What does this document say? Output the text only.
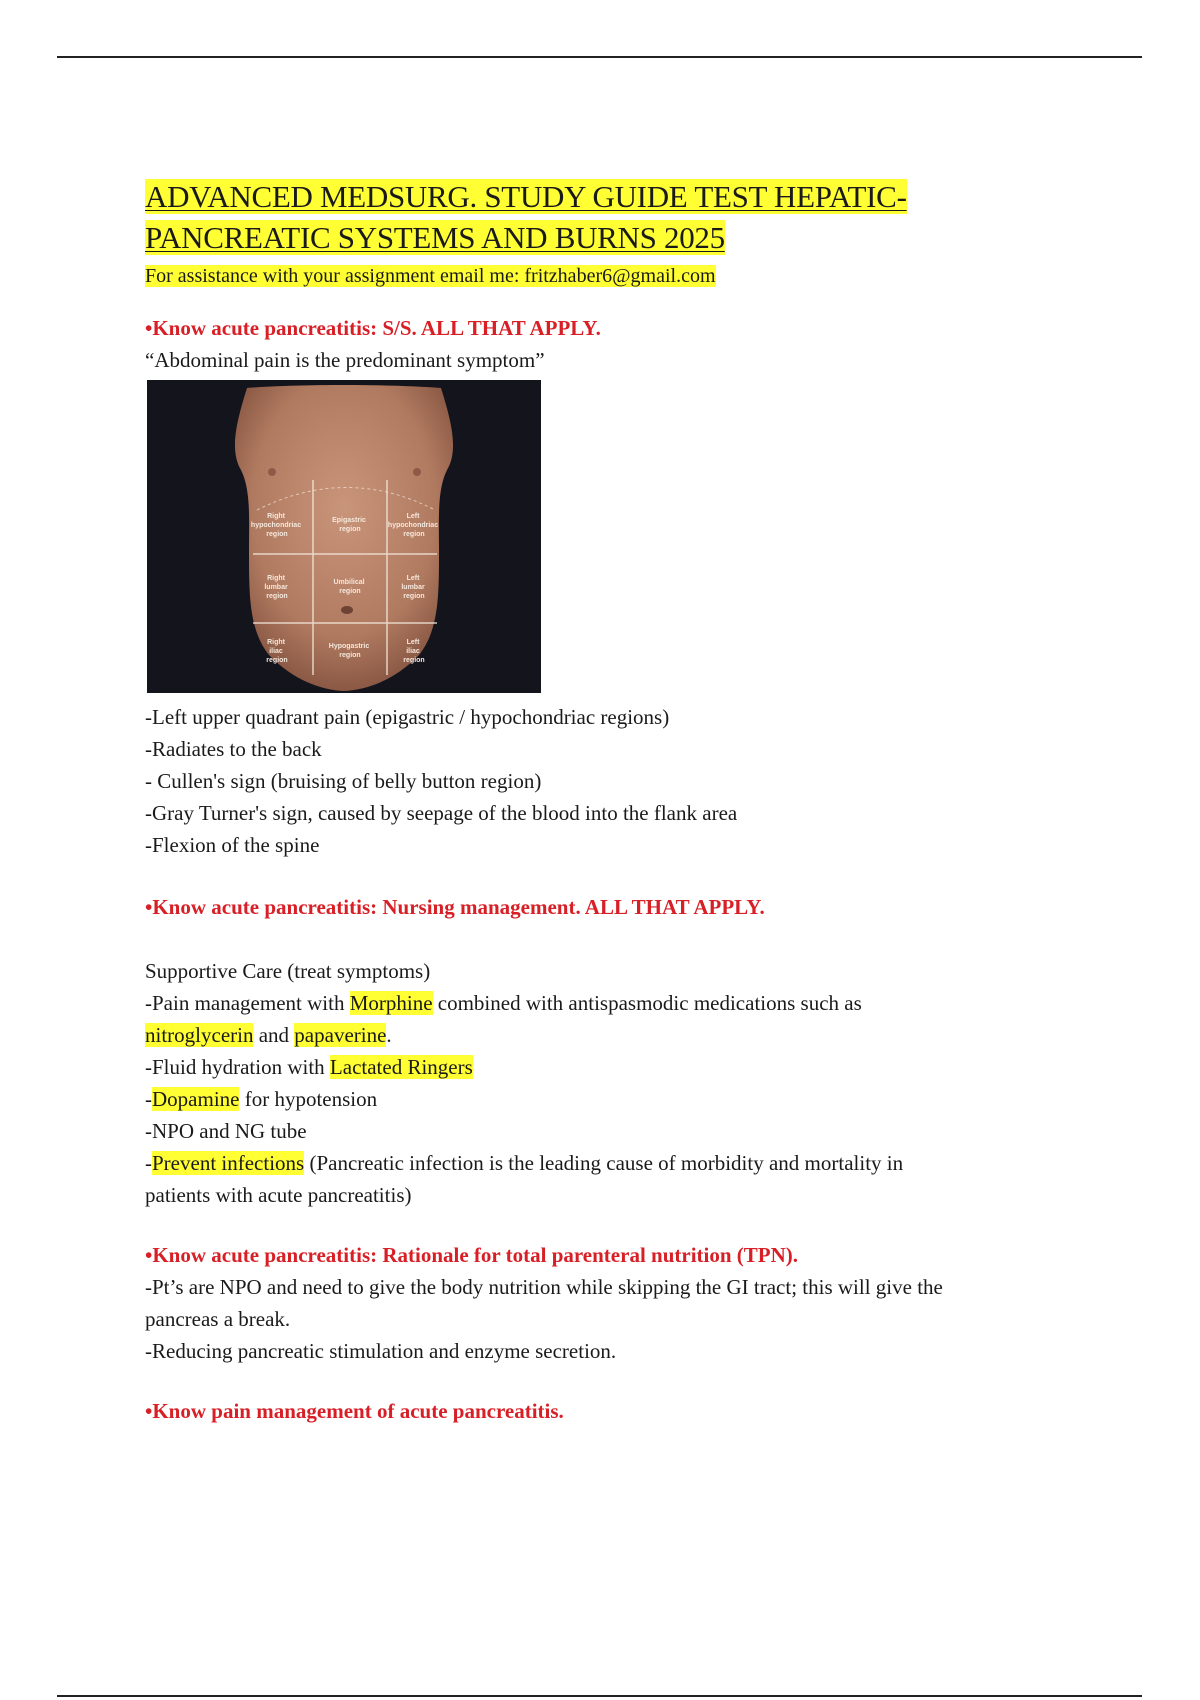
ADVANCED MEDSURG. STUDY GUIDE TEST HEPATIC-
PANCREATIC SYSTEMS AND BURNS 2025
For assistance with your assignment email me: fritzhaber6@gmail.com

•Know acute pancreatitis: S/S. ALL THAT APPLY.

“Abdominal pain is the predominant symptom”

Right hypochondriac region
Epigastric region
Left hypochondriac region
Right lumbar region
Umbilical region
Left lumbar region
Right iliac region
Hypogastric region
Left iliac region

-Left upper quadrant pain (epigastric / hypochondriac regions)

-Radiates to the back

- Cullen's sign (bruising of belly button region)

-Gray Turner's sign, caused by seepage of the blood into the flank area

-Flexion of the spine

•Know acute pancreatitis: Nursing management. ALL THAT APPLY.

Supportive Care (treat symptoms)

-Pain management with Morphine combined with antispasmodic medications such as

nitroglycerin and papaverine.

-Fluid hydration with Lactated Ringers

-Dopamine for hypotension

-NPO and NG tube

-Prevent infections (Pancreatic infection is the leading cause of morbidity and mortality in

patients with acute pancreatitis)

•Know acute pancreatitis: Rationale for total parenteral nutrition (TPN).

-Pt’s are NPO and need to give the body nutrition while skipping the GI tract; this will give the

pancreas a break.

-Reducing pancreatic stimulation and enzyme secretion.

•Know pain management of acute pancreatitis.
